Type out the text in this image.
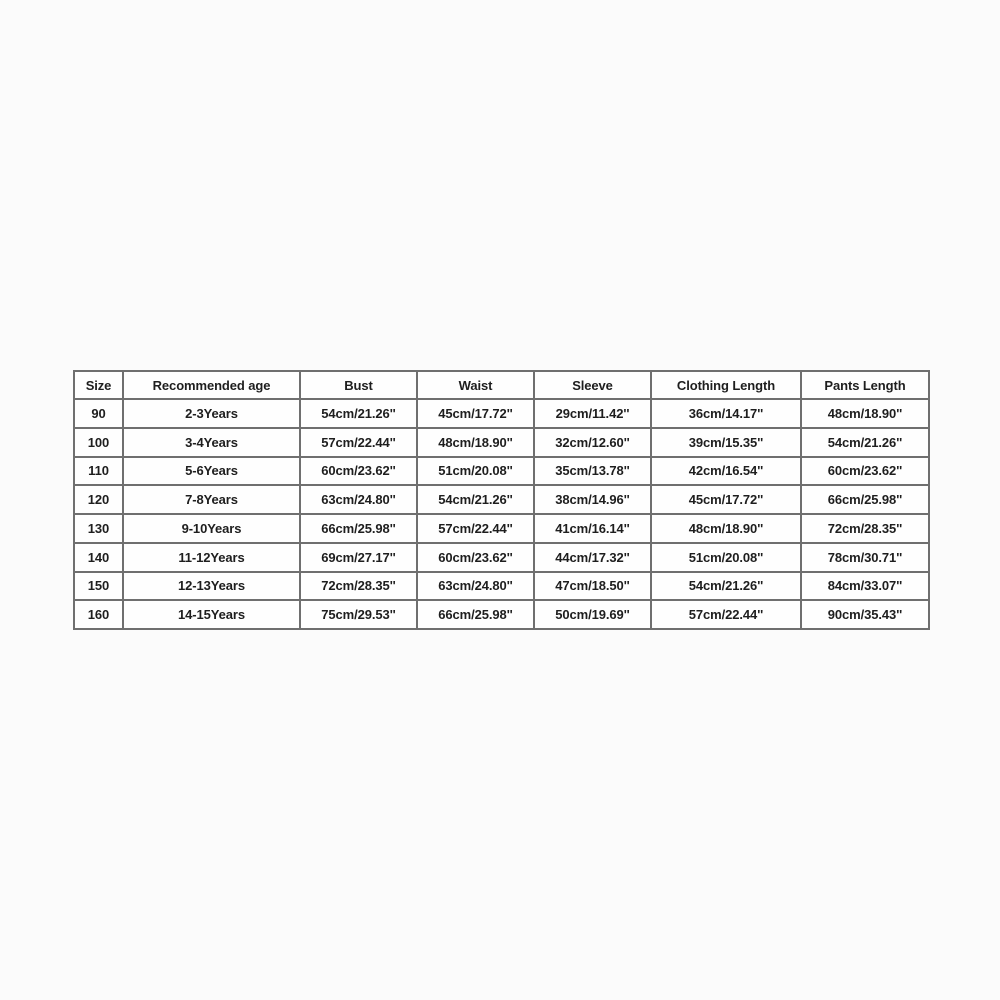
Size	Recommended age	Bust	Waist	Sleeve	Clothing Length	Pants Length
90	2-3Years	54cm/21.26''	45cm/17.72''	29cm/11.42''	36cm/14.17''	48cm/18.90''
100	3-4Years	57cm/22.44''	48cm/18.90''	32cm/12.60''	39cm/15.35''	54cm/21.26''
110	5-6Years	60cm/23.62''	51cm/20.08''	35cm/13.78''	42cm/16.54''	60cm/23.62''
120	7-8Years	63cm/24.80''	54cm/21.26''	38cm/14.96''	45cm/17.72''	66cm/25.98''
130	9-10Years	66cm/25.98''	57cm/22.44''	41cm/16.14''	48cm/18.90''	72cm/28.35''
140	11-12Years	69cm/27.17''	60cm/23.62''	44cm/17.32''	51cm/20.08''	78cm/30.71''
150	12-13Years	72cm/28.35''	63cm/24.80''	47cm/18.50''	54cm/21.26''	84cm/33.07''
160	14-15Years	75cm/29.53''	66cm/25.98''	50cm/19.69''	57cm/22.44''	90cm/35.43''
